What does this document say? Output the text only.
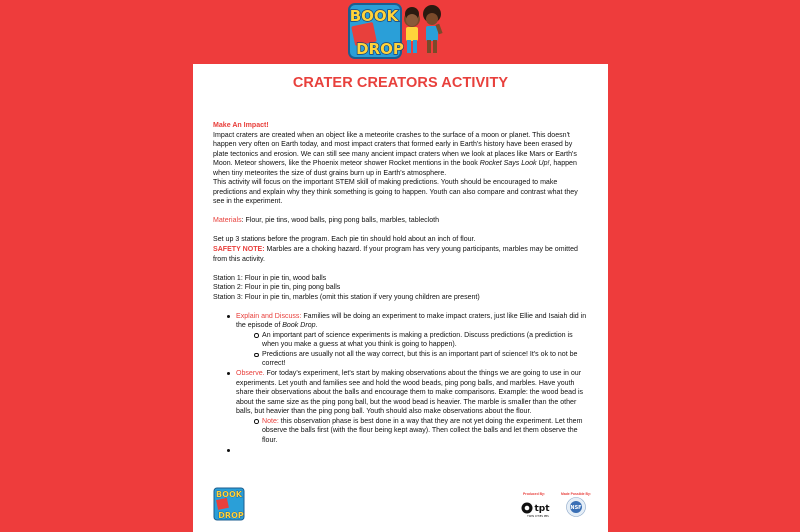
BOOK
DROP
CRATER CREATORS ACTIVITY

Make An Impact!

Impact craters are created when an object like a meteorite crashes to the surface of a moon or planet. This doesn't happen very often on Earth today, and most impact craters that formed early in Earth's history have been erased by plate tectonics and erosion. We can still see many ancient impact craters when we look at places like Mars or Earth's Moon. Meteor showers, like the Phoenix meteor shower Rocket mentions in the book Rocket Says Look Up!, happen when tiny meteorites the size of dust grains burn up in Earth's atmosphere.

This activity will focus on the important STEM skill of making predictions. Youth should be encouraged to make predictions and explain why they think something is going to happen. Youth can also compare and contrast what they see in the experiment.

Materials: Flour, pie tins, wood balls, ping pong balls, marbles, tablecloth

Set up 3 stations before the program. Each pie tin should hold about an inch of flour.

SAFETY NOTE: Marbles are a choking hazard. If your program has very young participants, marbles may be omitted from this activity.

Station 1: Flour in pie tin, wood balls

Station 2: Flour in pie tin, ping pong balls

Station 3: Flour in pie tin, marbles (omit this station if very young children are present)

Explain and Discuss: Families will be doing an experiment to make impact craters, just like Ellie and Isaiah did in the episode of Book Drop.
An important part of science experiments is making a prediction. Discuss predictions (a prediction is when you make a guess at what you think is going to happen).
Predictions are usually not all the way correct, but this is an important part of science! It's ok to not be correct!
Observe. For today's experiment, let's start by making observations about the things we are going to use in our experiments. Let youth and families see and hold the wood beads, ping pong balls, and marbles. Have youth share their observations about the balls and encourage them to make comparisons. Example: the wood bead is about the same size as the ping pong ball, but the wood bead is heavier. The marble is smaller than the other balls, but heavier than the ping pong ball. Youth should also make observations about the flour.
Note: this observation phase is best done in a way that they are not yet doing the experiment. Let them observe the balls first (with the flour being kept away). Then collect the balls and let them observe the flour.

BOOK
DROP
Produced By:	Made Possible By:
tpt
TWIN CITIES PBS
NSF
